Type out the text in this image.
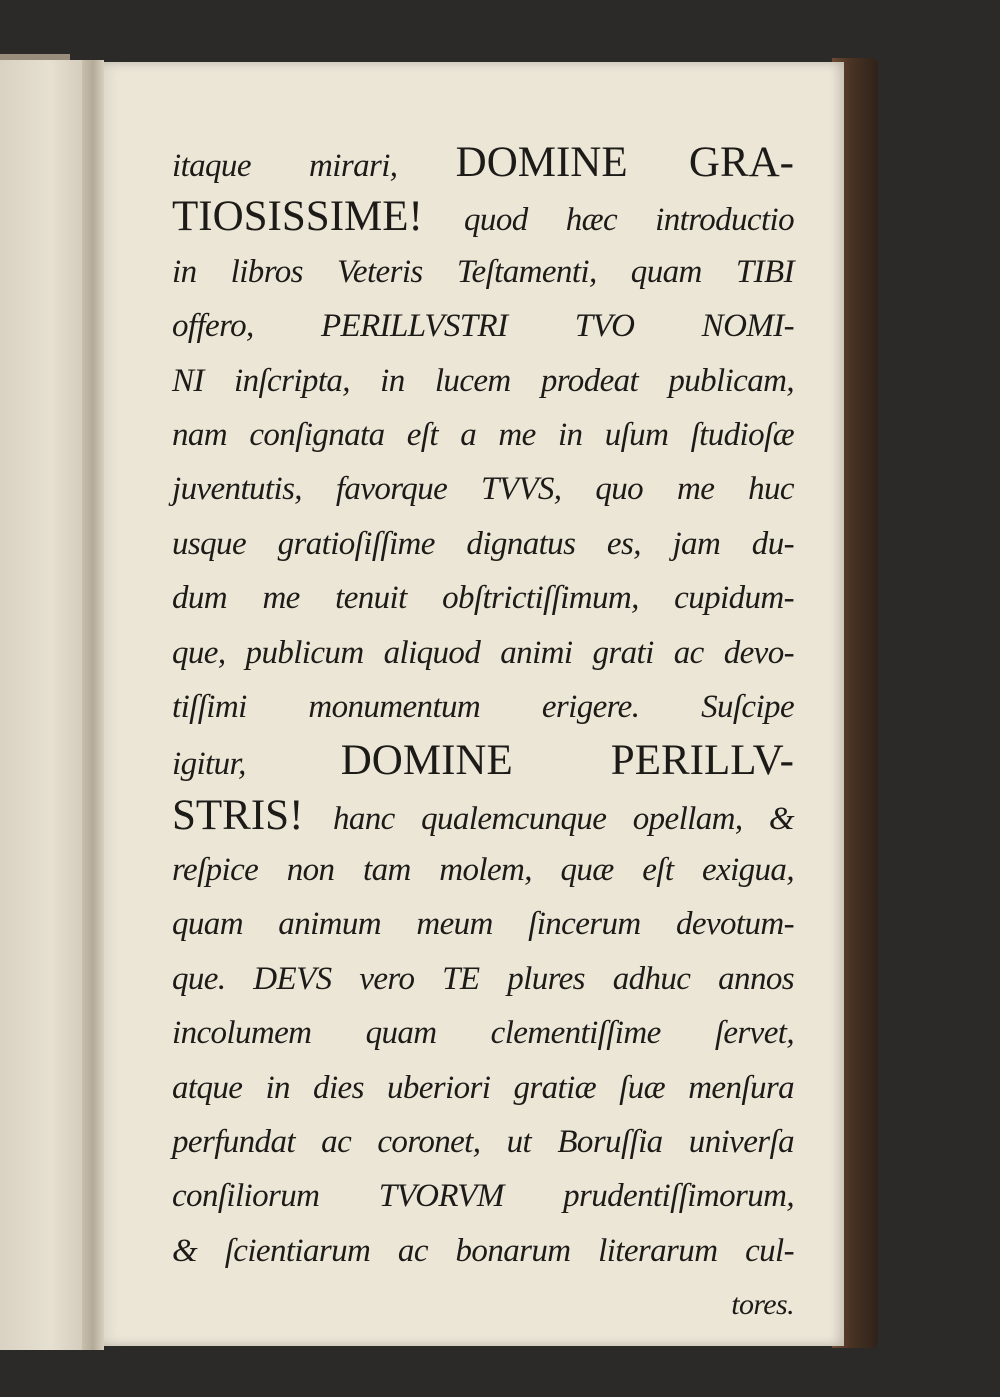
itaque mirari, DOMINE GRA-
TIOSISSIME! quod hæc introductio
in libros Veteris Teſtamenti, quam TIBI
offero, PERILLVSTRI TVO NOMI-
NI inſcripta, in lucem prodeat publicam,
nam conſignata eſt a me in uſum ſtudioſæ
juventutis, favorque TVVS, quo me huc
usque gratioſiſſime dignatus es, jam du-
dum me tenuit obſtrictiſſimum, cupidum-
que, publicum aliquod animi grati ac devo-
tiſſimi monumentum erigere. Suſcipe
igitur, DOMINE PERILLV-
STRIS! hanc qualemcunque opellam, &
reſpice non tam molem, quæ eſt exigua,
quam animum meum ſincerum devotum-
que. DEVS vero TE plures adhuc annos
incolumem quam clementiſſime ſervet,
atque in dies uberiori gratiæ ſuæ menſura
perfundat ac coronet, ut Boruſſia univerſa
conſiliorum TVORVM prudentiſſimorum,
& ſcientiarum ac bonarum literarum cul-
tores.
